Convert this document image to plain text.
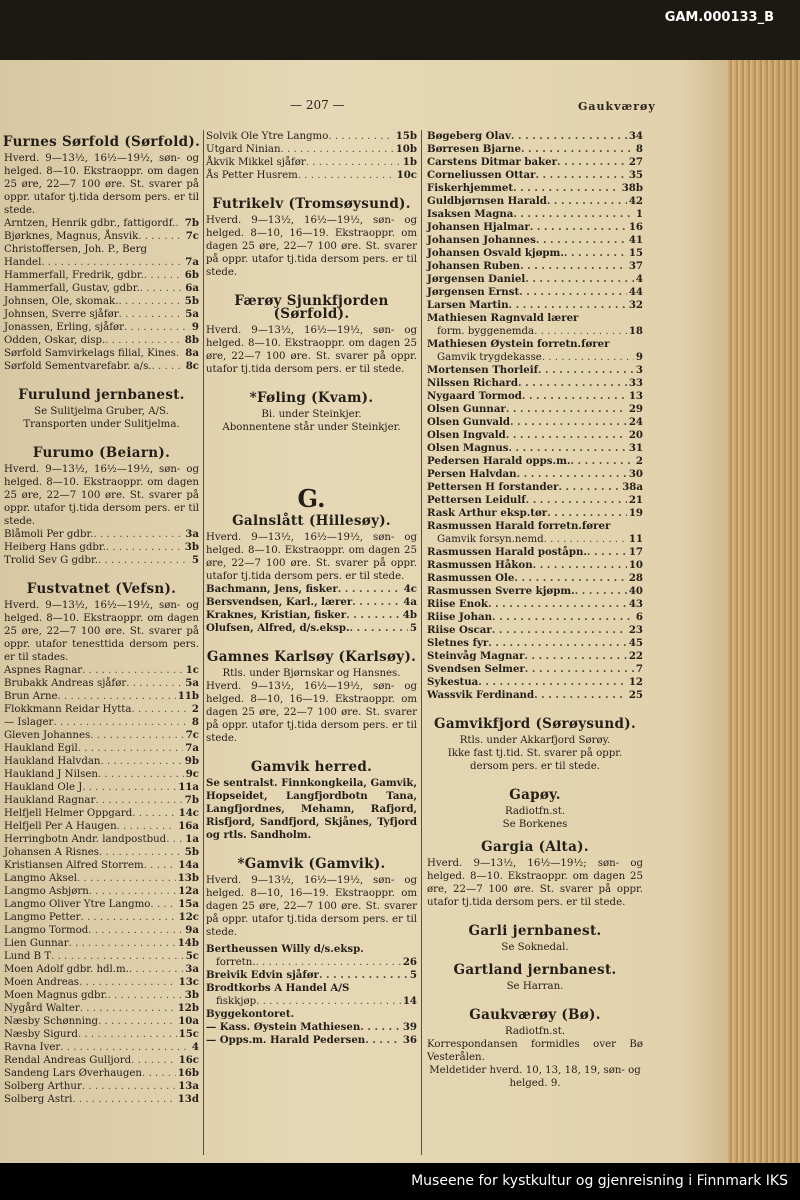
GAM.000133_B
— 207 —	Gaukværøy
Furnes Sørfold (Sørfold).
Hverd. 9—13½, 16½—19½, søn- og helged. 8—10. Ekstraoppr. om dagen 25 øre, 22—7 100 øre. St. svarer på oppr. utafor tj.tida dersom pers. er til stede.
Arntzen, Henrik gdbr., fattigordf. . . . 7b
Bjørknes, Magnus, Ånsvik . . .	7c
Christoffersen, Joh. P., Berg
Handel . . .	7a
Hammerfall, Fredrik, gdbr. . . .	6b
Hammerfall, Gustav, gdbr. . . .	6a
Johnsen, Ole, skomak. . . .	5b
Johnsen, Sverre sjåfør . . .	5a
Jonassen, Erling, sjåfør . . .	9
Odden, Oskar, disp. . . .	8b
Sørfold Samvirkelags filial, Kines . . . 8a
Sørfold Sementvarefabr. a/s. . . .	8c
Furulund jernbanest.
Se Sulitjelma Gruber, A/S. Transporten under Sulitjelma.
Furumo (Beiarn).
Hverd. 9—13½, 16½—19½, søn- og helged. 8—10. Ekstraoppr. om dagen 25 øre, 22—7 100 øre. St. svarer på oppr. utafor tj.tida dersom pers. er til stede.
Blåmoli Per gdbr. . . .	3a
Heiberg Hans gdbr. . . .	3b
Trolid Sev G gdbr. . . .	5
Fustvatnet (Vefsn).
Hverd. 9—13½, 16½—19½, søn- og helged. 8—10. Ekstraoppr. om dagen 25 øre, 22—7 100 øre. St. svarer på oppr. utafor tenesttida dersom pers. er til stades.
Aspnes Ragnar . . .	1c
Brubakk Andreas sjåfør . . .	5a
Brun Arne . . .	11b
Flokkmann Reidar Hytta . . .	2
— Islager . . .	8
Gleven Johannes . . .	7c
Haukland Egil . . .	7a
Haukland Halvdan . . .	9b
Haukland J Nilsen . . .	9c
Haukland Ole J . . .	11a
Haukland Ragnar . . .	7b
Helfjell Helmer Oppgard . . .	14c
Helfjell Per A Haugen . . .	16a
Herringbotn Andr. landpostbud . . . 1a
Johansen A Risnes . . .	5b
Kristiansen Alfred Storrem . . .	14a
Langmo Aksel . . .	13b
Langmo Asbjørn . . .	12a
Langmo Oliver Ytre Langmo . . .	15a
Langmo Petter . . .	12c
Langmo Tormod . . .	9a
Lien Gunnar . . .	14b
Lund B T . . .	5c
Moen Adolf gdbr. hdl.m. . . .	3a
Moen Andreas . . .	13c
Moen Magnus gdbr. . . .	3b
Nygård Walter . . .	12b
Næsby Schønning . . .	10a
Næsby Sigurd . . .	15c
Ravna Iver . . .	4
Rendal Andreas Gulljord . . .	16c
Sandeng Lars Øverhaugen . . .	16b
Solberg Arthur . . .	13a
Solberg Astri . . .	13d
Solvik Ole Ytre Langmo . . .	15b
Utgard Ninian . . .	10b
Åkvik Mikkel sjåfør . . .	1b
Ås Petter Husrem . . .	10c
Futrikelv (Tromsøysund).
Hverd. 9—13½, 16½—19½, søn- og helged. 8—10, 16—19. Ekstraoppr. om dagen 25 øre, 22—7 100 øre. St. svarer på oppr. utafor tj.tida dersom pers. er til stede.
Færøy Sjunkfjorden (Sørfold).
Hverd. 9—13½, 16½—19½, søn- og helged. 8—10. Ekstraoppr. om dagen 25 øre, 22—7 100 øre. St. svarer på oppr. utafor tj.tida dersom pers. er til stede.
*Føling (Kvam).
Bi. under Steinkjer.
Abonnentene står under Steinkjer.
G.
Galnslått (Hillesøy).
Hverd. 9—13½, 16½—19½, søn- og helged. 8—10. Ekstraoppr. om dagen 25 øre, 22—7 100 øre. St. svarer på oppr. utafor tj.tida dersom pers. er til stede.
Bachmann, Jens, fisker . . .	4c
Bersvendsen, Karl., lærer . . .	4a
Kraknes, Kristian, fisker . . .	4b
Olufsen, Alfred, d/s.eksp. . . .	5
Gamnes Karlsøy (Karlsøy).
Rtls. under Bjørnskar og Hansnes.
Hverd. 9—13½, 16½—19½, søn- og helged. 8—10, 16—19. Ekstraoppr. om dagen 25 øre, 22—7 100 øre. St. svarer på oppr. utafor tj.tida dersom pers. er til stede.
Gamvik herred.
Se sentralst. Finnkongkeila, Gamvik, Hopseidet, Langfjordbotn Tana, Langfjordnes, Mehamn, Rafjord, Risfjord, Sandfjord, Skjånes, Tyfjord og rtls. Sandholm.
*Gamvik (Gamvik).
Hverd. 9—13½, 16½—19½, søn- og helged. 8—10, 16—19. Ekstraoppr. om dagen 25 øre, 22—7 100 øre. St. svarer på oppr. utafor tj.tida dersom pers. er til stede.
Bertheussen Willy d/s.eksp.
forretn. . . .	26
Breivik Edvin sjåfør . . .	5
Brodtkorbs A Handel A/S
fiskkjøp . . .	14
Byggekontoret.
— Kass. Øystein Mathiesen . . .	39
— Opps.m. Harald Pedersen . . .	36
Bøgeberg Olav . . .	34
Børresen Bjarne . . .	8
Carstens Ditmar baker . . .	27
Corneliussen Ottar . . .	35
Fiskerhjemmet . . .	38b
Guldbjørnsen Harald . . .	42
Isaksen Magna . . .	1
Johansen Hjalmar . . .	16
Johansen Johannes . . .	41
Johansen Osvald kjøpm. . . .	15
Johansen Ruben . . .	37
Jørgensen Daniel . . .	4
Jørgensen Ernst . . .	44
Larsen Martin . . .	32
Mathiesen Ragnvald lærer
form. byggenemda . . .	18
Mathiesen Øystein forretn.fører
Gamvik trygdekasse . . .	9
Mortensen Thorleif . . .	3
Nilssen Richard . . .	33
Nygaard Tormod . . .	13
Olsen Gunnar . . .	29
Olsen Gunvald . . .	24
Olsen Ingvald . . .	20
Olsen Magnus . . .	31
Pedersen Harald opps.m. . . .	2
Persen Halvdan . . .	30
Pettersen H forstander . . .	38a
Pettersen Leidulf . . .	21
Rask Arthur eksp.tør . . .	19
Rasmussen Harald forretn.fører
Gamvik forsyn.nemd . . .	11
Rasmussen Harald poståpn. . . .	17
Rasmussen Håkon . . .	10
Rasmussen Ole . . .	28
Rasmussen Sverre kjøpm. . . .	40
Riise Enok . . .	43
Riise Johan . . .	6
Riise Oscar . . .	23
Sletnes fyr . . .	45
Steinvåg Magnar . . .	22
Svendsen Selmer . . .	7
Sykestua . . .	12
Wassvik Ferdinand . . .	25
Gamvikfjord (Sørøysund).
Rtls. under Akkarfjord Sørøy.
Ikke fast tj.tid. St. svarer på oppr. dersom pers. er til stede.
Gapøy.
Radiotfn.st.
Se Borkenes
Gargia (Alta).
Hverd. 9—13½, 16½—19½; søn- og helged. 8—10. Ekstraoppr. om dagen 25 øre, 22—7 100 øre. St. svarer på oppr. utafor tj.tida dersom pers. er til stede.
Garli jernbanest.
Se Soknedal.
Gartland jernbanest.
Se Harran.
Gaukværøy (Bø).
Radiotfn.st.
Korrespondansen formidles over Bø Vesterålen.
Meldetider hverd. 10, 13, 18, 19, søn- og helged. 9.
Museene for kystkultur og gjenreisning i Finnmark IKS
